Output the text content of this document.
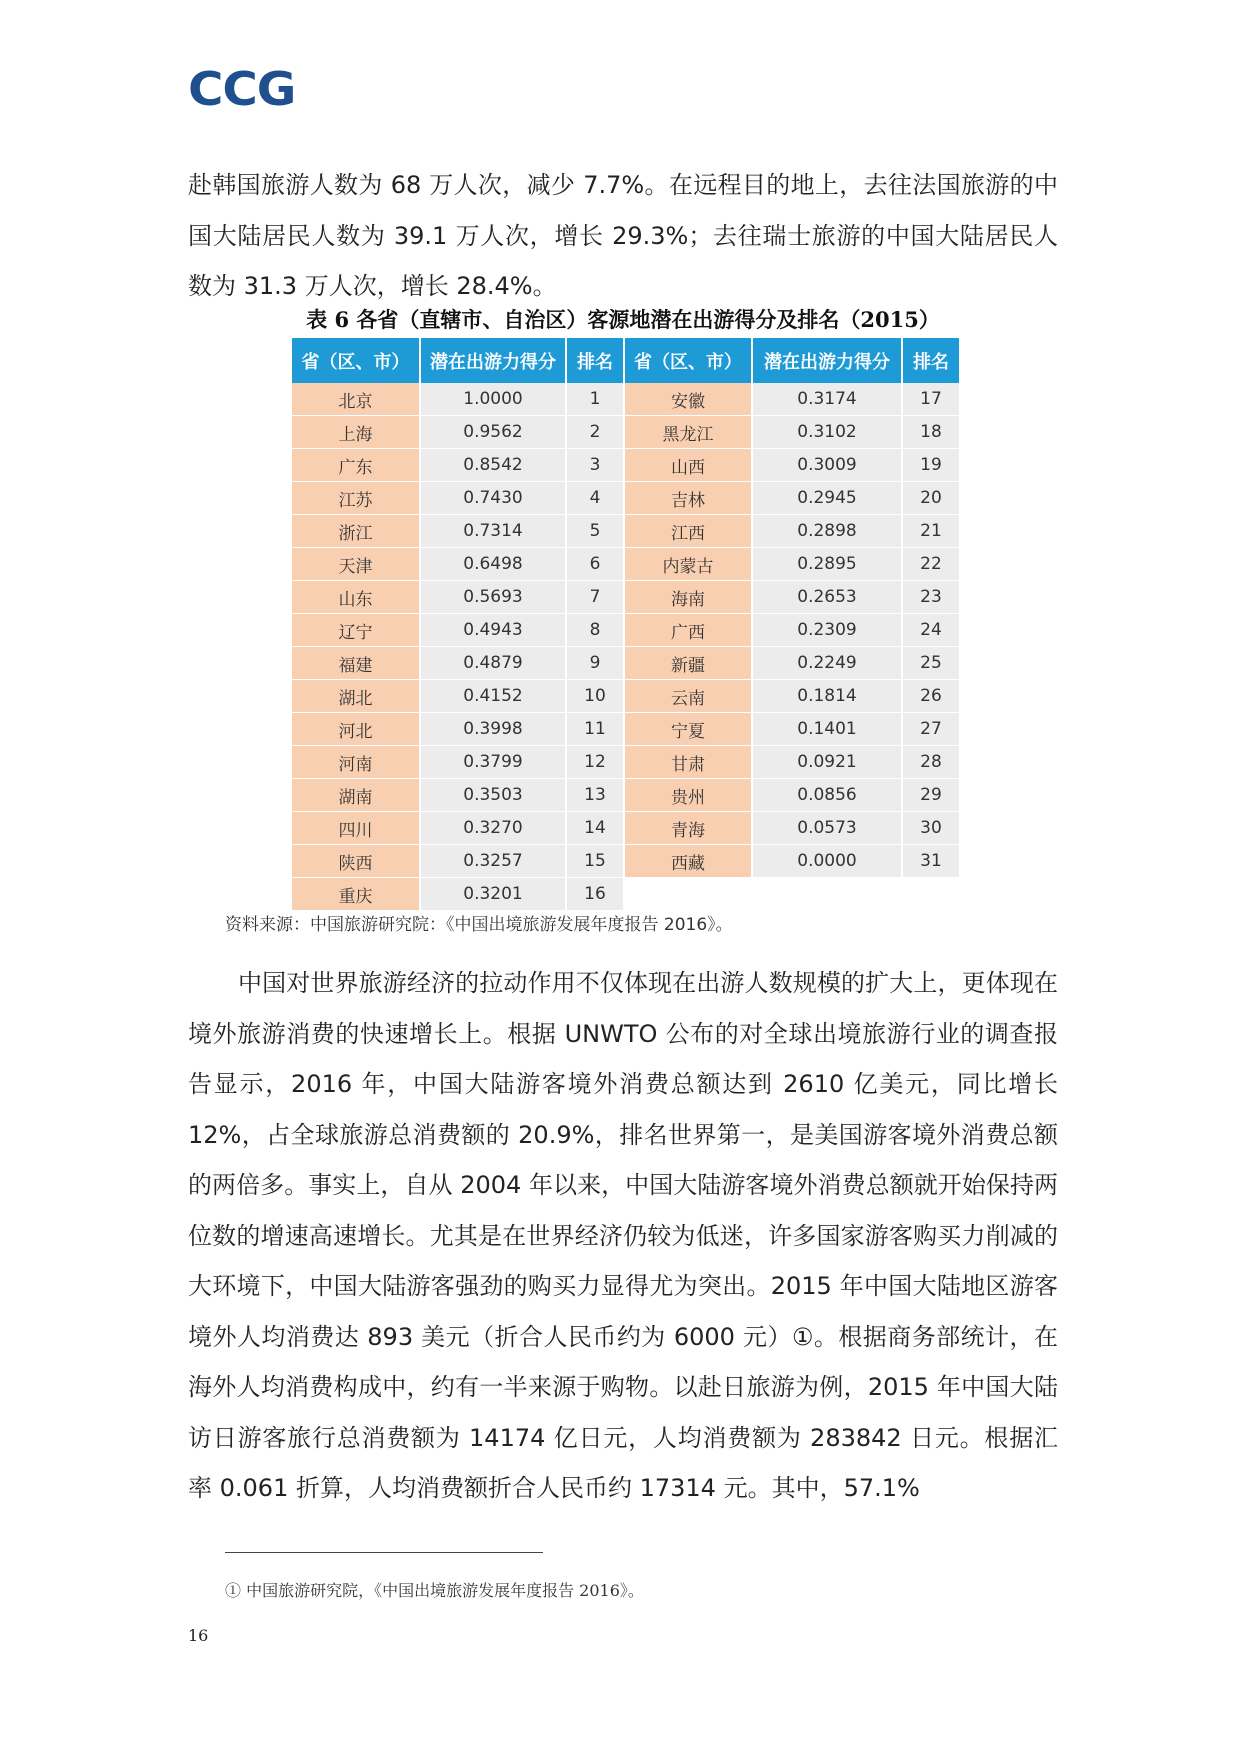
CCG

赴韩国旅游人数为 68 万人次，减少 7.7%。在远程目的地上，去往法国旅游的中国大陆居民人数为 39.1 万人次，增长 29.3%；去往瑞士旅游的中国大陆居民人数为 31.3 万人次，增长 28.4%。

表 6 各省（直辖市、自治区）客源地潜在出游得分及排名（2015）

省（区、市）	潜在出游力得分	排名	省（区、市）	潜在出游力得分	排名
北京	1.0000	1	安徽	0.3174	17
上海	0.9562	2	黑龙江	0.3102	18
广东	0.8542	3	山西	0.3009	19
江苏	0.7430	4	吉林	0.2945	20
浙江	0.7314	5	江西	0.2898	21
天津	0.6498	6	内蒙古	0.2895	22
山东	0.5693	7	海南	0.2653	23
辽宁	0.4943	8	广西	0.2309	24
福建	0.4879	9	新疆	0.2249	25
湖北	0.4152	10	云南	0.1814	26
河北	0.3998	11	宁夏	0.1401	27
河南	0.3799	12	甘肃	0.0921	28
湖南	0.3503	13	贵州	0.0856	29
四川	0.3270	14	青海	0.0573	30
陕西	0.3257	15	西藏	0.0000	31
重庆	0.3201	16			

资料来源：中国旅游研究院：《中国出境旅游发展年度报告 2016》。

中国对世界旅游经济的拉动作用不仅体现在出游人数规模的扩大上，更体现在境外旅游消费的快速增长上。根据 UNWTO 公布的对全球出境旅游行业的调查报告显示，2016 年，中国大陆游客境外消费总额达到 2610 亿美元，同比增长 12%，占全球旅游总消费额的 20.9%，排名世界第一，是美国游客境外消费总额的两倍多。事实上，自从 2004 年以来，中国大陆游客境外消费总额就开始保持两位数的增速高速增长。尤其是在世界经济仍较为低迷，许多国家游客购买力削减的大环境下，中国大陆游客强劲的购买力显得尤为突出。2015 年中国大陆地区游客境外人均消费达 893 美元（折合人民币约为 6000 元）①。根据商务部统计，在海外人均消费构成中，约有一半来源于购物。以赴日旅游为例，2015 年中国大陆访日游客旅行总消费额为 14174 亿日元，人均消费额为 283842 日元。根据汇率 0.061 折算，人均消费额折合人民币约 17314 元。其中，57.1%

① 中国旅游研究院，《中国出境旅游发展年度报告 2016》。

16
